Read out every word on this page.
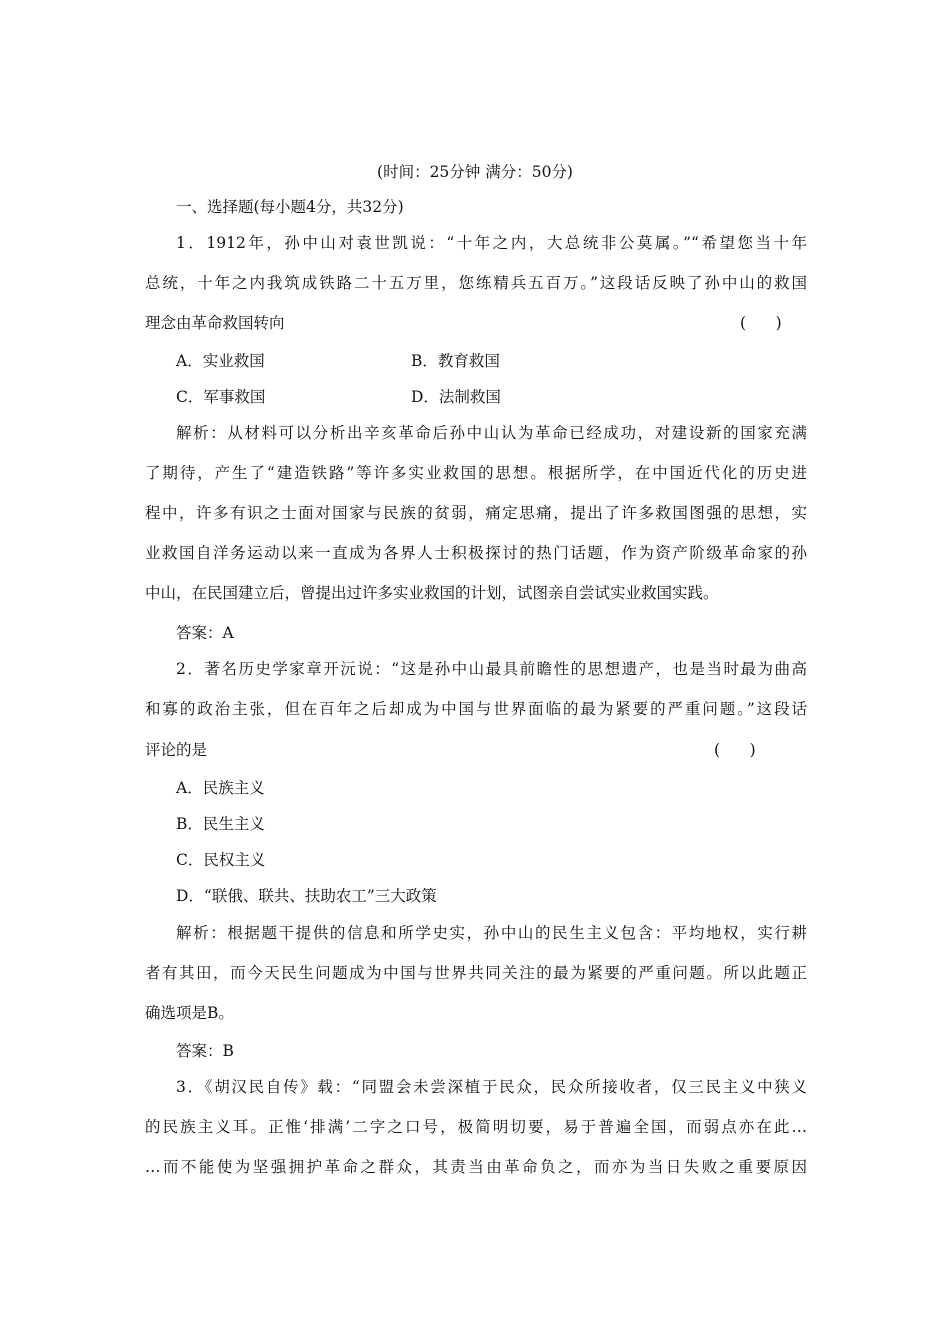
(时间：25分钟 满分：50分)
一、选择题(每小题4分，共32分)
1．1912年，孙中山对袁世凯说：“十年之内，大总统非公莫属。”“希望您当十年
总统，十年之内我筑成铁路二十五万里，您练精兵五百万。”这段话反映了孙中山的救国
理念由革命救国转向	(      )
A．实业救国	B．教育救国
C．军事救国	D．法制救国
解析：从材料可以分析出辛亥革命后孙中山认为革命已经成功，对建设新的国家充满
了期待，产生了“建造铁路”等许多实业救国的思想。根据所学，在中国近代化的历史进
程中，许多有识之士面对国家与民族的贫弱，痛定思痛，提出了许多救国图强的思想，实
业救国自洋务运动以来一直成为各界人士积极探讨的热门话题，作为资产阶级革命家的孙
中山，在民国建立后，曾提出过许多实业救国的计划，试图亲自尝试实业救国实践。
答案：A
2．著名历史学家章开沅说：“这是孙中山最具前瞻性的思想遗产，也是当时最为曲高
和寡的政治主张，但在百年之后却成为中国与世界面临的最为紧要的严重问题。”这段话
评论的是	(      )
A．民族主义
B．民生主义
C．民权主义
D．“联俄、联共、扶助农工”三大政策
解析：根据题干提供的信息和所学史实，孙中山的民生主义包含：平均地权，实行耕
者有其田，而今天民生问题成为中国与世界共同关注的最为紧要的严重问题。所以此题正
确选项是B。
答案：B
3．《胡汉民自传》载：“同盟会未尝深植于民众，民众所接收者，仅三民主义中狭义
的民族主义耳。正惟‘排满’二字之口号，极简明切要，易于普遍全国，而弱点亦在此…
…而不能使为坚强拥护革命之群众，其责当由革命负之，而亦为当日失败之重要原因
